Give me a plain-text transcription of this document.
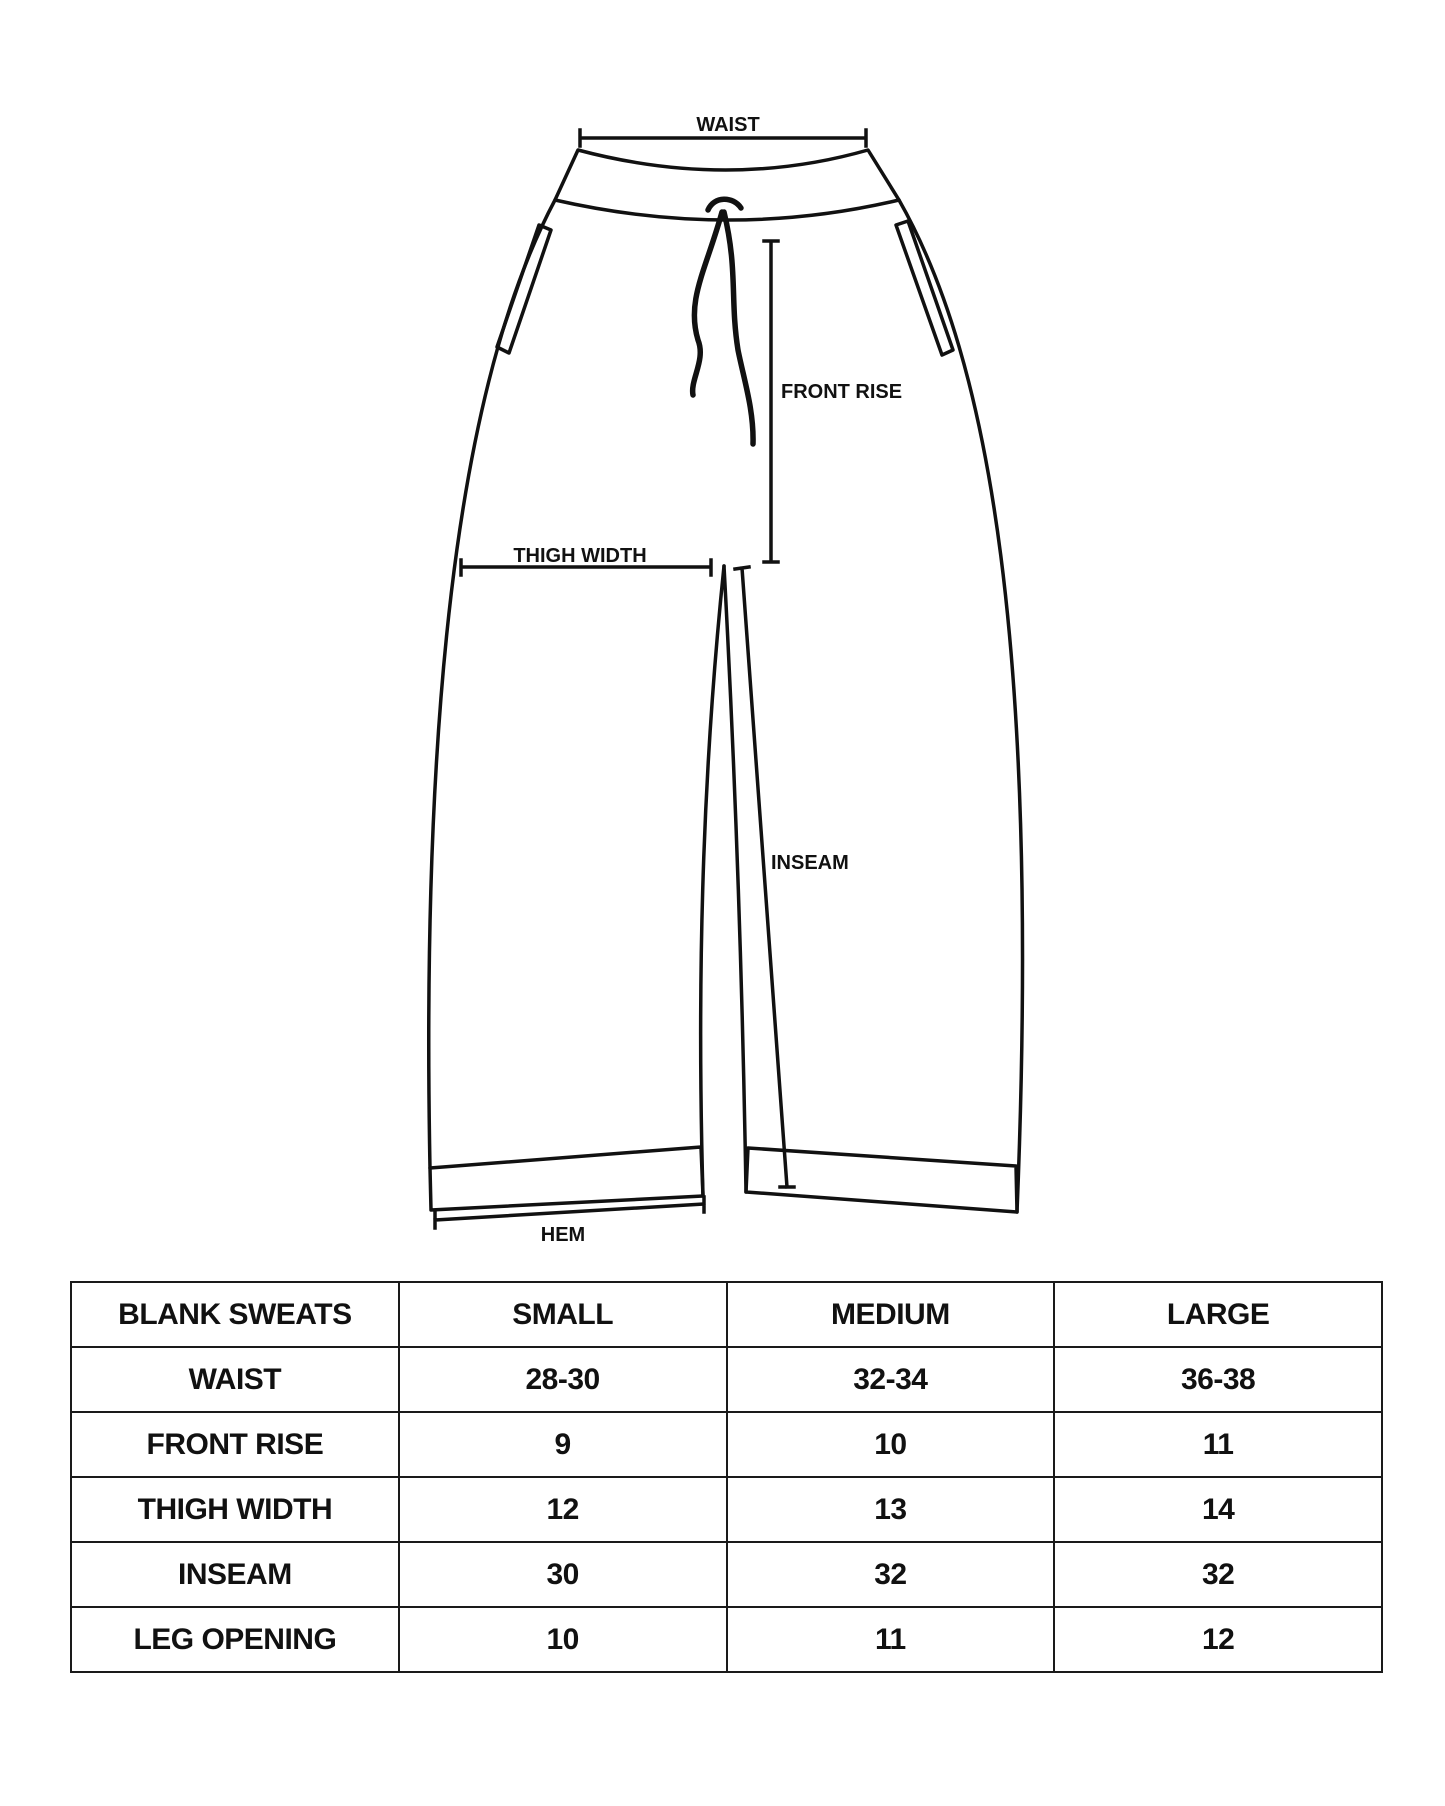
WAIST
FRONT RISE
THIGH WIDTH
INSEAM
HEM
BLANK SWEATS	SMALL	MEDIUM	LARGE
WAIST	28-30	32-34	36-38
FRONT RISE	9	10	11
THIGH WIDTH	12	13	14
INSEAM	30	32	32
LEG OPENING	10	11	12
